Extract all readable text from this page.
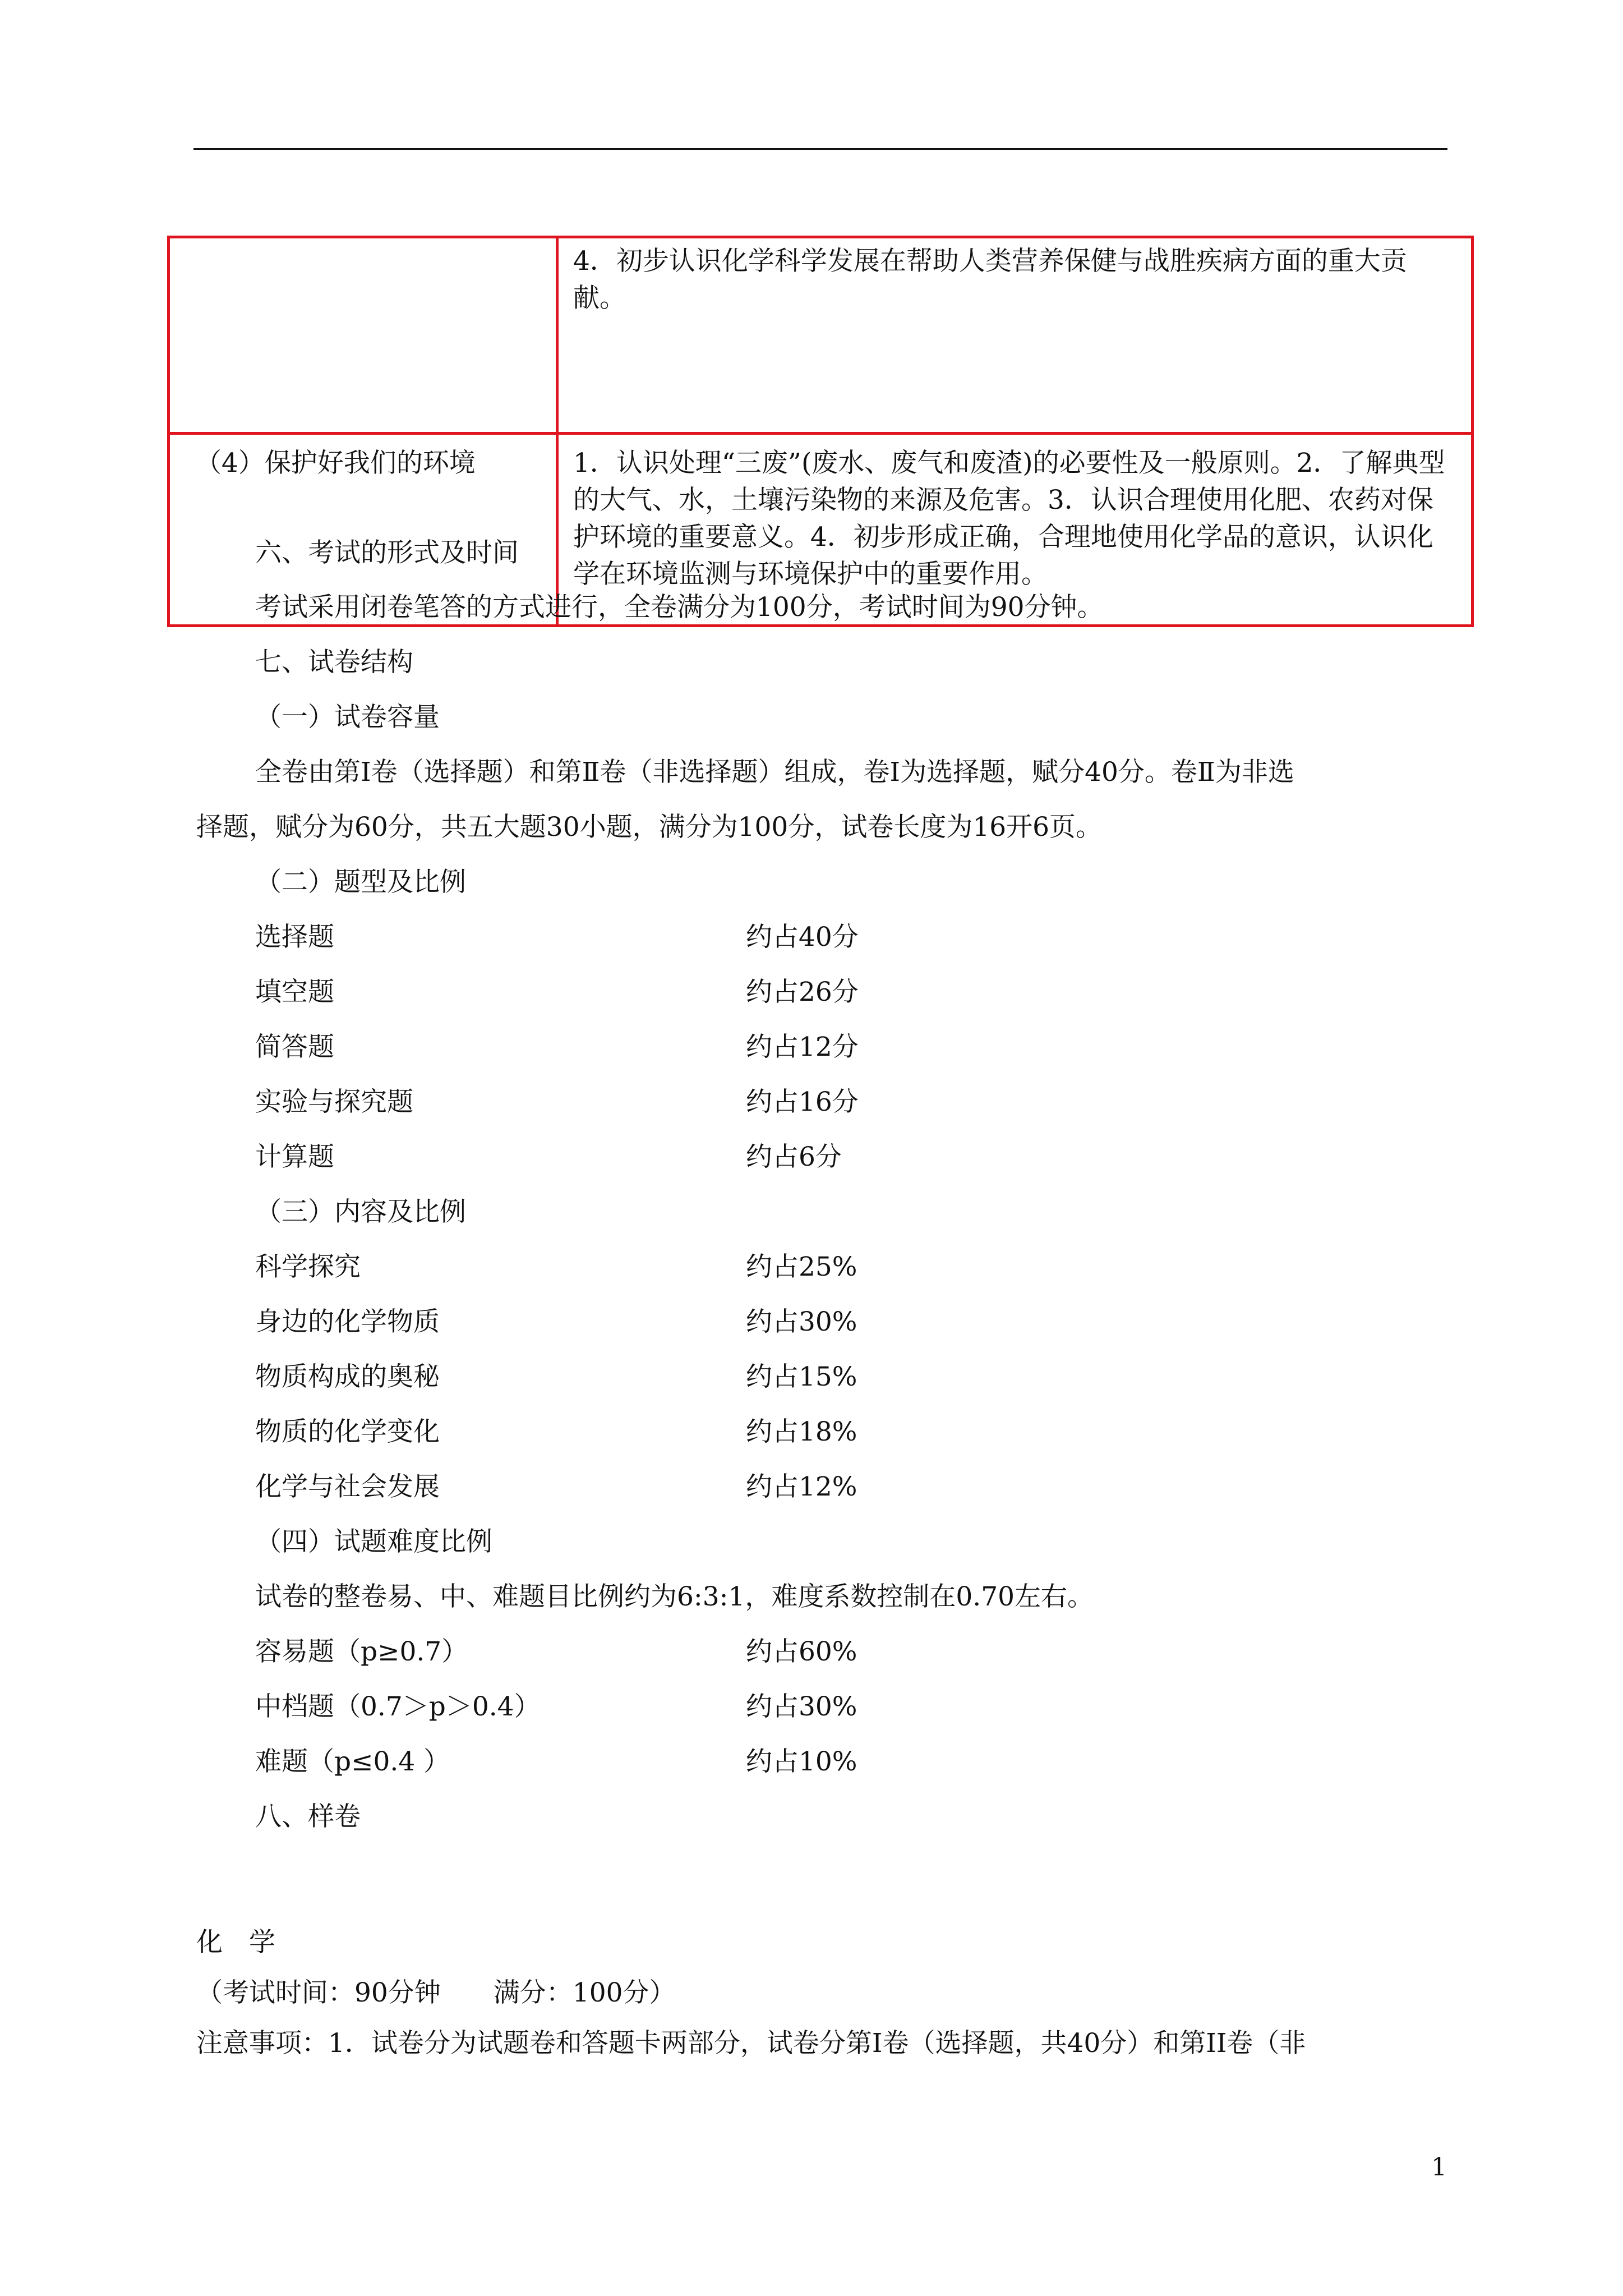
	4．初步认识化学科学发展在帮助人类营养保健与战胜疾病方面的重大贡献。
（4）保护好我们的环境	1．认识处理“三废”(废水、废气和废渣)的必要性及一般原则。2．了解典型的大气、水，土壤污染物的来源及危害。3．认识合理使用化肥、农药对保护环境的重要意义。4．初步形成正确，合理地使用化学品的意识，认识化学在环境监测与环境保护中的重要作用。
六、考试的形式及时间
考试采用闭卷笔答的方式进行，全卷满分为100分，考试时间为90分钟。
七、试卷结构
（一）试卷容量
全卷由第Ⅰ卷（选择题）和第Ⅱ卷（非选择题）组成，卷Ⅰ为选择题，赋分40分。卷Ⅱ为非选
择题，赋分为60分，共五大题30小题，满分为100分，试卷长度为16开6页。
（二）题型及比例
选择题	约占40分
填空题	约占26分
简答题	约占12分
实验与探究题	约占16分
计算题	约占6分
（三）内容及比例
科学探究	约占25%
身边的化学物质	约占30%
物质构成的奥秘	约占15%
物质的化学变化	约占18%
化学与社会发展	约占12%
（四）试题难度比例
试卷的整卷易、中、难题目比例约为6:3:1，难度系数控制在0.70左右。
容易题（p≥0.7）	约占60%
中档题（0.7＞p＞0.4）	约占30%
难题（p≤0.4 ）	约占10%
八、样卷
化　学
（考试时间：90分钟　　满分：100分）
注意事项：1．试卷分为试题卷和答题卡两部分，试卷分第Ⅰ卷（选择题，共40分）和第II卷（非
1
